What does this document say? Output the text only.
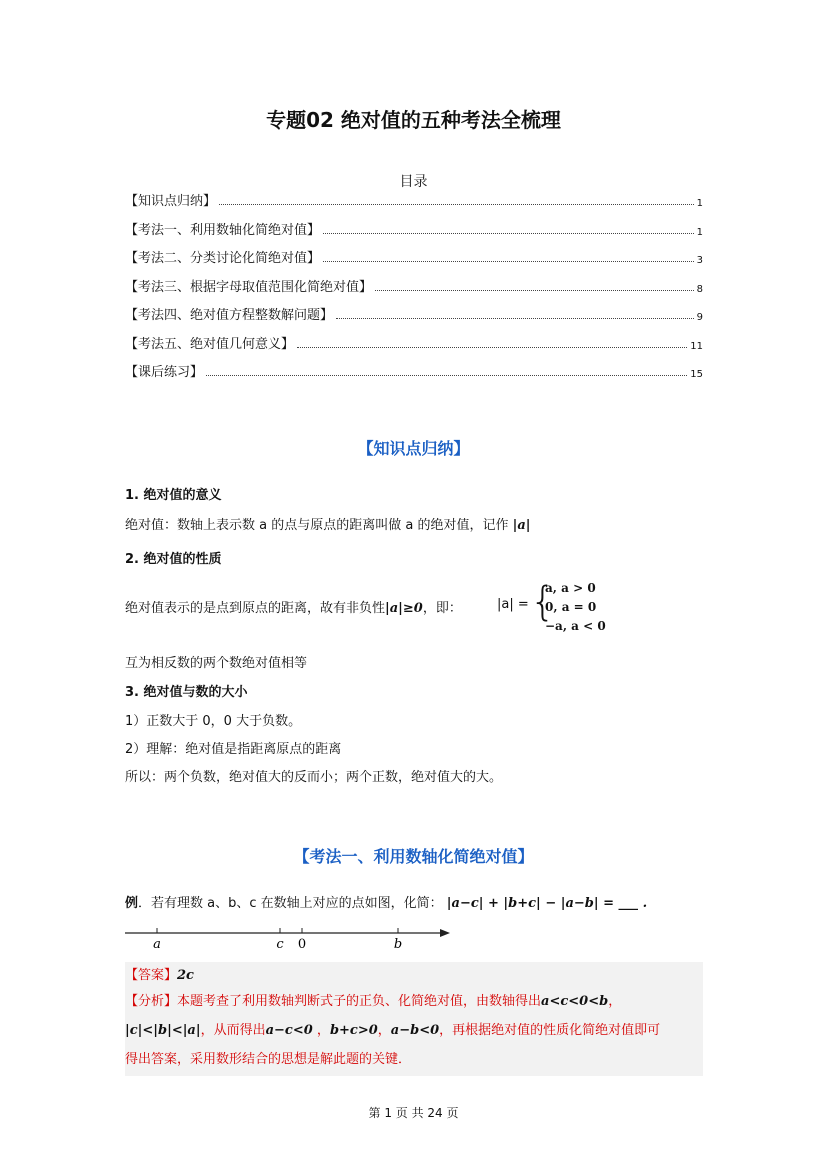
专题02 绝对值的五种考法全梳理
目录
【知识点归纳】	1
【考法一、利用数轴化简绝对值】	1
【考法二、分类讨论化简绝对值】	3
【考法三、根据字母取值范围化简绝对值】	8
【考法四、绝对值方程整数解问题】	9
【考法五、绝对值几何意义】	11
【课后练习】	15
【知识点归纳】
1. 绝对值的意义
绝对值：数轴上表示数 a 的点与原点的距离叫做 a 的绝对值，记作 |a|
2. 绝对值的性质
绝对值表示的是点到原点的距离，故有非负性|a|≥0，即：	|a| = {
a, a > 0
0, a = 0
−a, a < 0
互为相反数的两个数绝对值相等
3. 绝对值与数的大小
1）正数大于 0，0 大于负数。
2）理解：绝对值是指距离原点的距离
所以：两个负数，绝对值大的反而小；两个正数，绝对值大的大。
【考法一、利用数轴化简绝对值】
例．若有理数 a、b、c 在数轴上对应的点如图，化简： |a−c| + |b+c| − |a−b| = ___ .
a	c 0	b
【答案】2c
【分析】本题考查了利用数轴判断式子的正负、化简绝对值，由数轴得出a<c<0<b，
|c|<|b|<|a|，从而得出a−c<0 ，b+c>0，a−b<0，再根据绝对值的性质化简绝对值即可
得出答案，采用数形结合的思想是解此题的关键．
第 1 页 共 24 页
